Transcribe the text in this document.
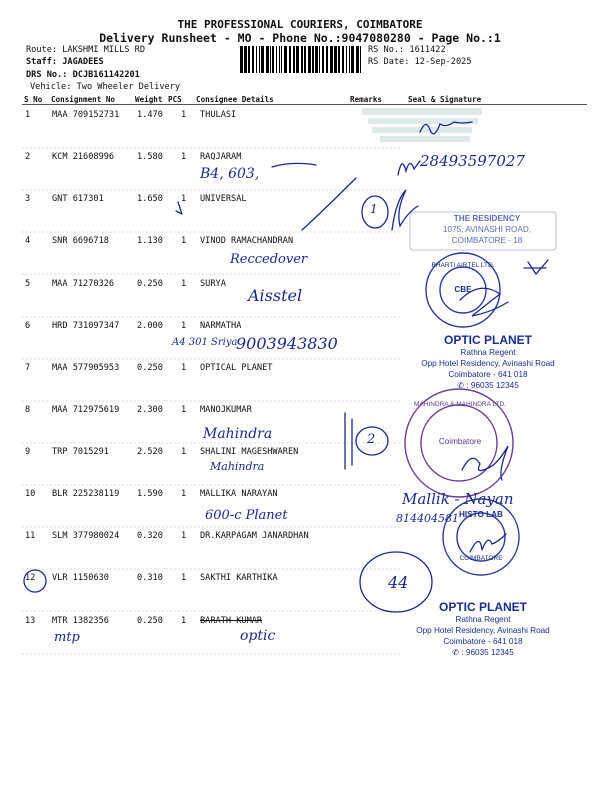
THE PROFESSIONAL COURIERS, COIMBATORE
Delivery Runsheet - MO - Phone No.:9047080280 - Page No.:1
Route: LAKSHMI MILLS RD
Staff: JAGADEES
DRS No.: DCJB161142201
Vehicle: Two Wheeler Delivery
RS No.: 1611422
RS Date: 12-Sep-2025
S No Consignment No	Weight PCS Consignee Details	Remarks	Seal & Signature
1	MAA 709152731 1.470 1 THULASI
2	KCM 21608996	1.580 1 RAQJARAM
3	GNT 617301	1.650 1 UNIVERSAL
4	SNR 6696718	1.130 1 VINOD RAMACHANDRAN
5	MAA 71270326	0.250 1 SURYA
6	HRD 731097347 2.000 1 NARMATHA
7	MAA 577905953 0.250 1 OPTICAL PLANET
8	MAA 712975619 2.300 1 MANOJKUMAR
9	TRP 7015291	2.520 1 SHALINI MAGESHWAREN
10 BLR 225238119 1.590 1 MALLIKA NARAYAN
11 SLM 377980024 0.320 1 DR.KARPAGAM JANARDHAN
12 VLR 1150630	0.310 1 SAKTHI KARTHIKA
13 MTR 1382356	0.250 1 BARATH KUMAR
THE RESIDENCY
1075, AVINASHI ROAD,
COIMBATORE - 18
BHARTI AIRTEL LTD.
CBE
MAHINDRA & MAHINDRA LTD.
Coimbatore
HISTO LAB
COIMBATORE
OPTIC PLANET
Rathna Regent
Opp Hotel Residency, Avinashi Road
Coimbatore - 641 018
✆ : 96035 12345
OPTIC PLANET
Rathna Regent
Opp Hotel Residency, Avinashi Road
Coimbatore - 641 018
✆ : 96035 12345
B4, 603,
28493597027
1
Reccedover
Aisstel
A4 301 Sriya
9003943830
Mahindra
Mahindra
2
Mallik - Nayan
814404581
600-c Planet
44
mtp	optic
